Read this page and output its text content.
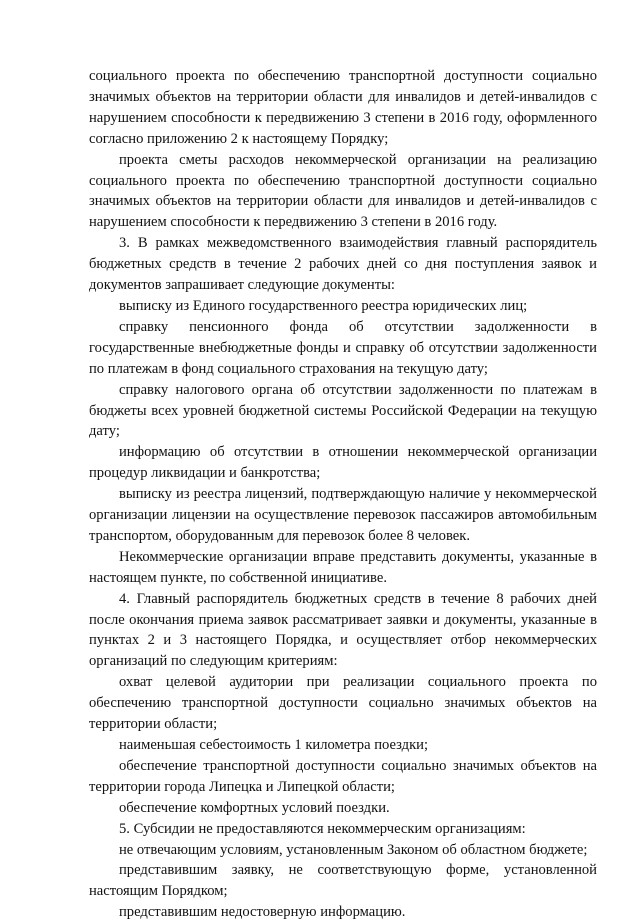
социального проекта по обеспечению транспортной доступности социально значимых объектов на территории области для инвалидов и детей-инвалидов с нарушением способности к передвижению 3 степени в 2016 году, оформленного согласно приложению 2 к настоящему Порядку;

проекта сметы расходов некоммерческой организации на реализацию социального проекта по обеспечению транспортной доступности социально значимых объектов на территории области для инвалидов и детей-инвалидов с нарушением способности к передвижению 3 степени в 2016 году.

3. В рамках межведомственного взаимодействия главный распорядитель бюджетных средств в течение 2 рабочих дней со дня поступления заявок и документов запрашивает следующие документы:

выписку из Единого государственного реестра юридических лиц;

справку пенсионного фонда об отсутствии задолженности в государственные внебюджетные фонды и справку об отсутствии задолженности по платежам в фонд социального страхования на текущую дату;

справку налогового органа об отсутствии задолженности по платежам в бюджеты всех уровней бюджетной системы Российской Федерации на текущую дату;

информацию об отсутствии в отношении некоммерческой организации процедур ликвидации и банкротства;

выписку из реестра лицензий, подтверждающую наличие у некоммерческой организации лицензии на осуществление перевозок пассажиров автомобильным транспортом, оборудованным для перевозок более 8 человек.

Некоммерческие организации вправе представить документы, указанные в настоящем пункте, по собственной инициативе.

4. Главный распорядитель бюджетных средств в течение 8 рабочих дней после окончания приема заявок рассматривает заявки и документы, указанные в пунктах 2 и 3 настоящего Порядка, и осуществляет отбор некоммерческих организаций по следующим критериям:

охват целевой аудитории при реализации социального проекта по обеспечению транспортной доступности социально значимых объектов на территории области;

наименьшая себестоимость 1 километра поездки;

обеспечение транспортной доступности социально значимых объектов на территории города Липецка и Липецкой области;

обеспечение комфортных условий поездки.

5. Субсидии не предоставляются некоммерческим организациям:

не отвечающим условиям, установленным Законом об областном бюджете;

представившим заявку, не соответствующую форме, установленной настоящим Порядком;

представившим недостоверную информацию.
